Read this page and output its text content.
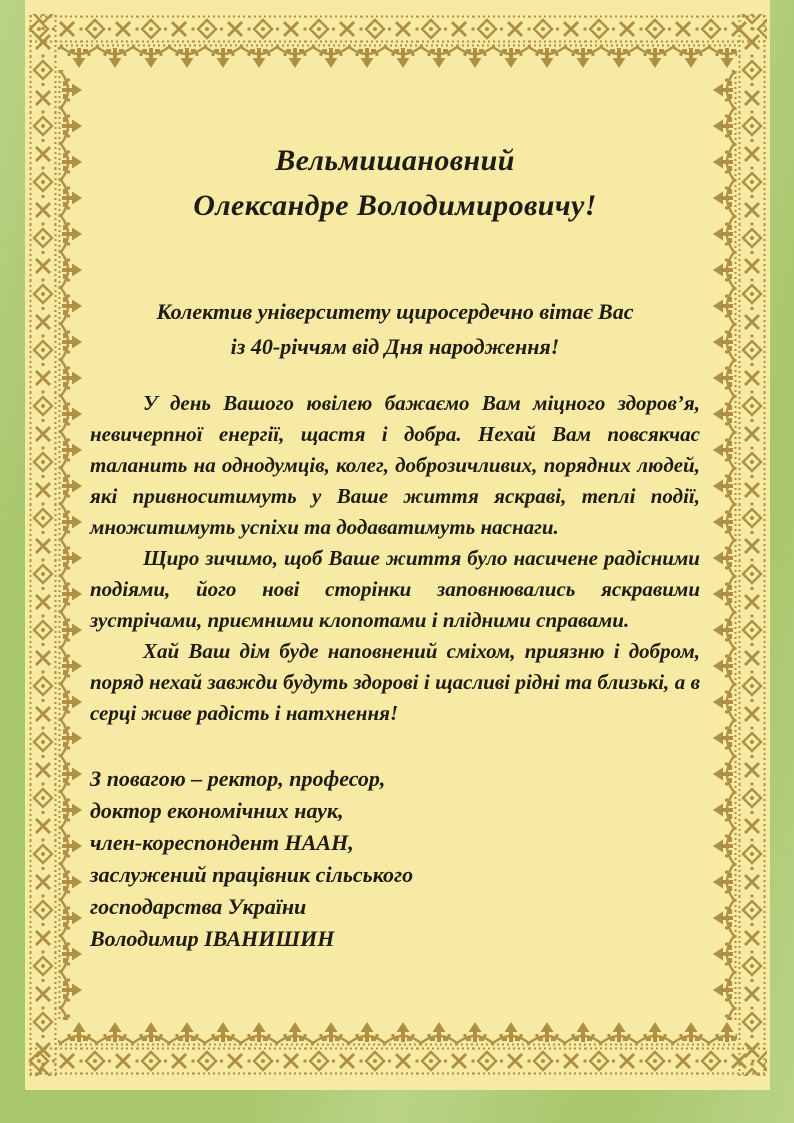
Вельмишановний
Олександре Володимировичу!
Колектив університету щиросердечно вітає Вас
із 40-річчям від Дня народження!

У день Вашого ювілею бажаємо Вам міцного здоров’я, невичерпної енергії, щастя і добра. Нехай Вам повсякчас таланить на однодумців, колег, доброзичливих, порядних людей, які привноситимуть у Ваше життя яскраві, теплі події, множитимуть успіхи та додаватимуть наснаги.

Щиро зичимо, щоб Ваше життя було насичене радісними подіями, його нові сторінки заповнювались яскравими зустрічами, приємними клопотами і плідними справами.

Хай Ваш дім буде наповнений сміхом, приязню і добром, поряд нехай завжди будуть здорові і щасливі рідні та близькі, а в серці живе радість і натхнення!

З повагою – ректор, професор,
доктор економічних наук,
член-кореспондент НААН,
заслужений працівник сільського
господарства України
Володимир ІВАНИШИН
